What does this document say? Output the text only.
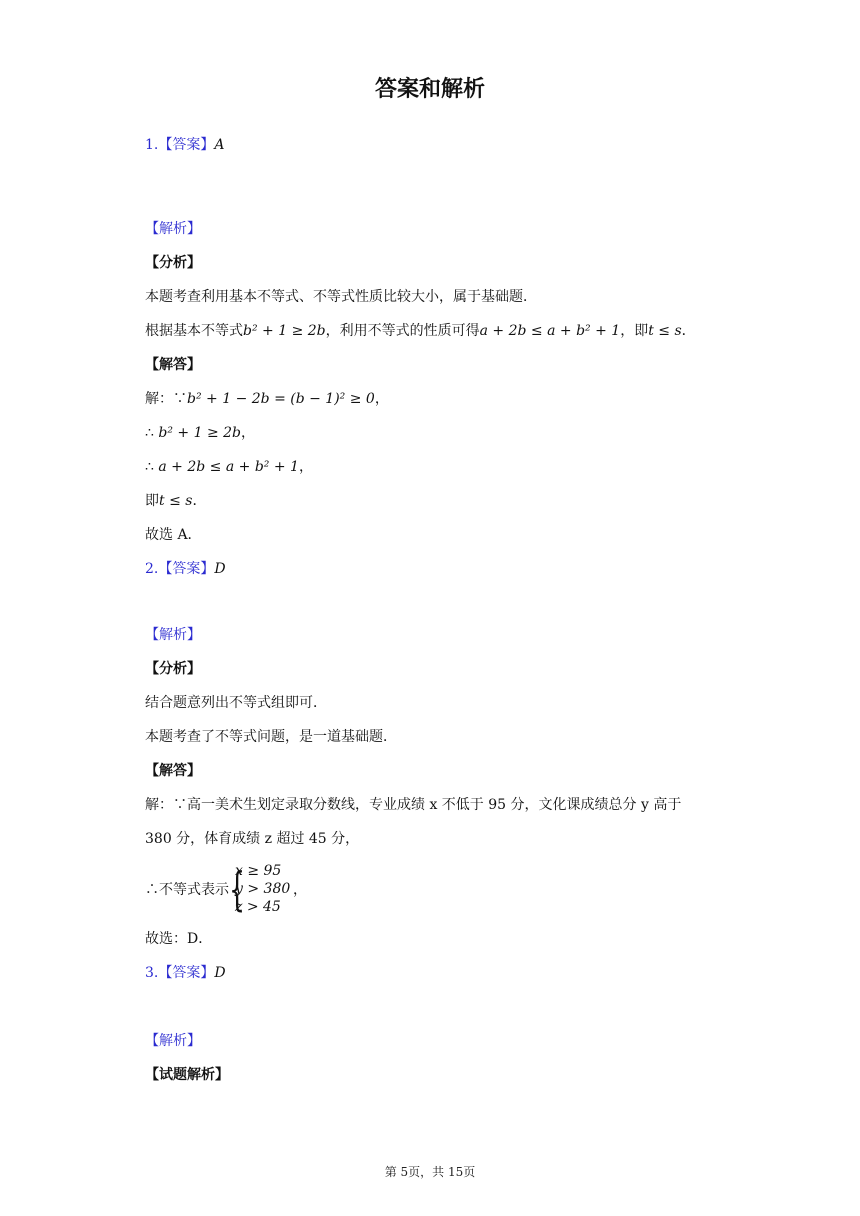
答案和解析
1.【答案】A
【解析】
【分析】
本题考查利用基本不等式、不等式性质比较大小，属于基础题．
根据基本不等式b² + 1 ≥ 2b，利用不等式的性质可得a + 2b ≤ a + b² + 1，即t ≤ s．
【解答】
解：∵b² + 1 − 2b = (b − 1)² ≥ 0，
∴ b² + 1 ≥ 2b，
∴ a + 2b ≤ a + b² + 1，
即t ≤ s．
故选 A．
2.【答案】D
【解析】
【分析】
结合题意列出不等式组即可．
本题考查了不等式问题，是一道基础题．
【解答】
解：∵高一美术生划定录取分数线，专业成绩 x 不低于 95 分，文化课成绩总分 y 高于
380 分，体育成绩 z 超过 45 分，
∴不等式表示 {
x ≥ 95
y > 380
z > 45
，
故选：D．
3.【答案】D
【解析】
【试题解析】
第 5页，共 15页
